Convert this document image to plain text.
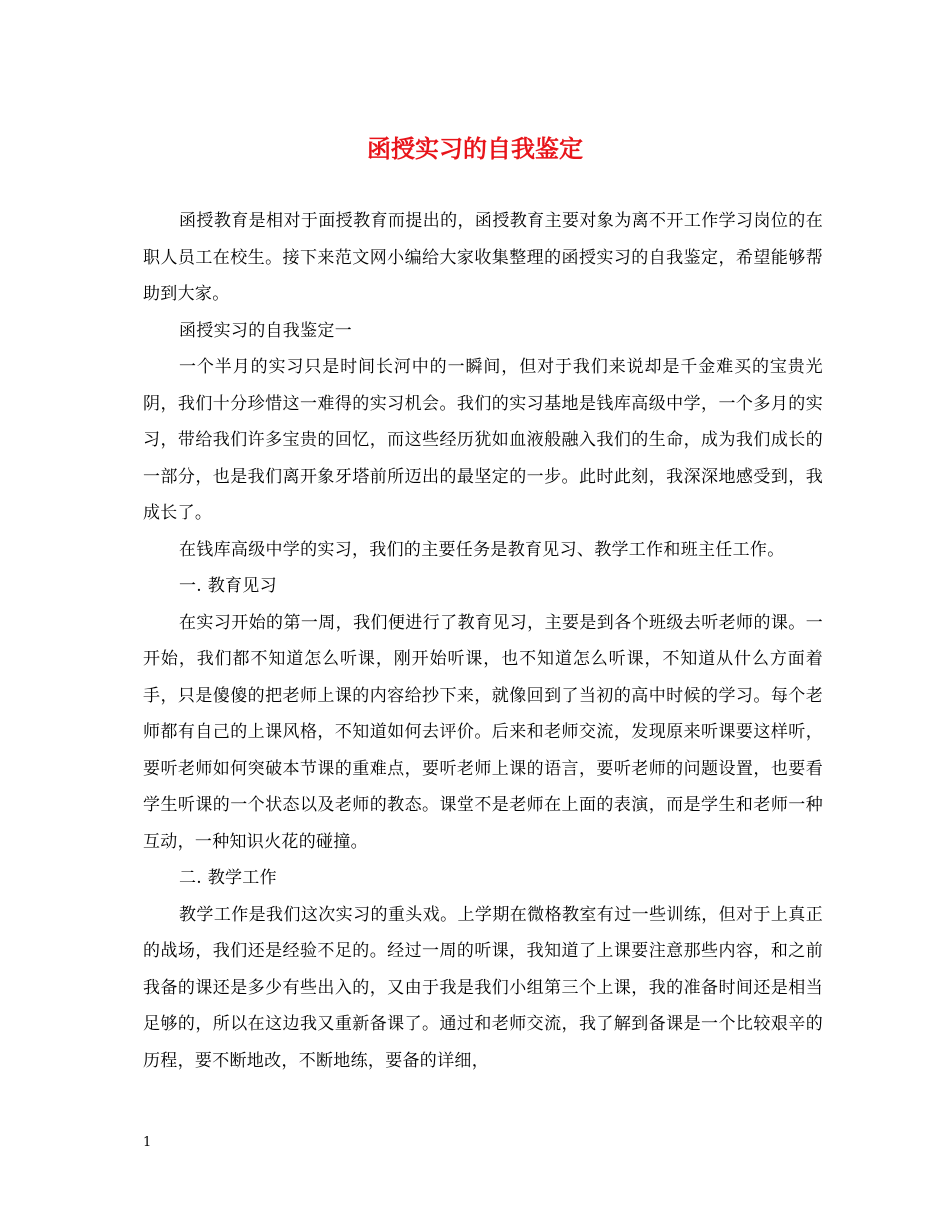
函授实习的自我鉴定

函授教育是相对于面授教育而提出的，函授教育主要对象为离不开工作学习岗位的在职人员工在校生。接下来范文网小编给大家收集整理的函授实习的自我鉴定，希望能够帮助到大家。

函授实习的自我鉴定一

一个半月的实习只是时间长河中的一瞬间，但对于我们来说却是千金难买的宝贵光阴，我们十分珍惜这一难得的实习机会。我们的实习基地是钱库高级中学，一个多月的实习，带给我们许多宝贵的回忆，而这些经历犹如血液般融入我们的生命，成为我们成长的一部分，也是我们离开象牙塔前所迈出的最坚定的一步。此时此刻，我深深地感受到，我成长了。

在钱库高级中学的实习，我们的主要任务是教育见习、教学工作和班主任工作。

一. 教育见习

在实习开始的第一周，我们便进行了教育见习，主要是到各个班级去听老师的课。一开始，我们都不知道怎么听课，刚开始听课，也不知道怎么听课，不知道从什么方面着手，只是傻傻的把老师上课的内容给抄下来，就像回到了当初的高中时候的学习。每个老师都有自己的上课风格，不知道如何去评价。后来和老师交流，发现原来听课要这样听，要听老师如何突破本节课的重难点，要听老师上课的语言，要听老师的问题设置，也要看学生听课的一个状态以及老师的教态。课堂不是老师在上面的表演，而是学生和老师一种互动，一种知识火花的碰撞。

二. 教学工作

教学工作是我们这次实习的重头戏。上学期在微格教室有过一些训练，但对于上真正的战场，我们还是经验不足的。经过一周的听课，我知道了上课要注意那些内容，和之前我备的课还是多少有些出入的，又由于我是我们小组第三个上课，我的准备时间还是相当足够的，所以在这边我又重新备课了。通过和老师交流，我了解到备课是一个比较艰辛的历程，要不断地改，不断地练，要备的详细，

1
